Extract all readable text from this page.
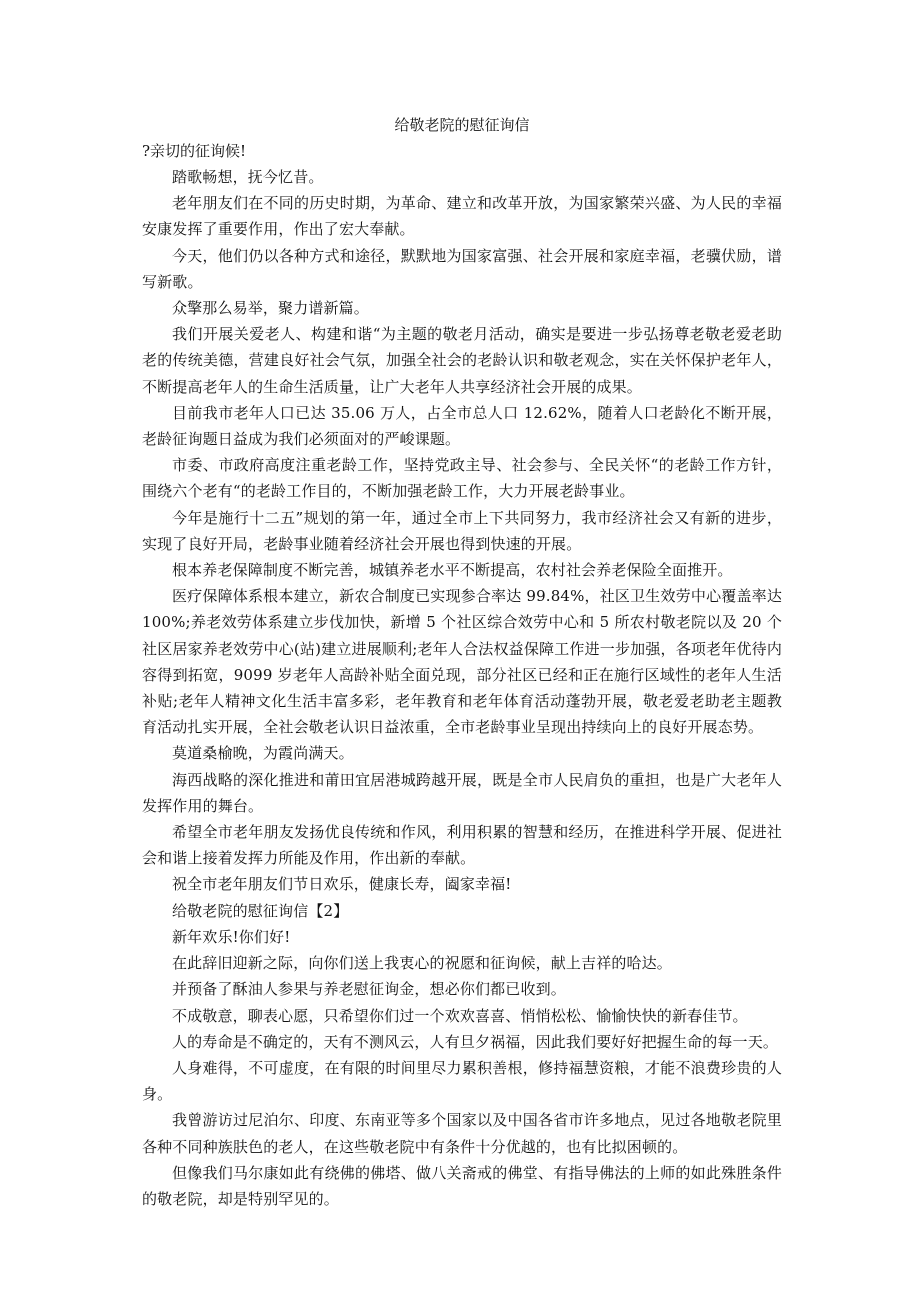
给敬老院的慰征询信

?亲切的征询候!

踏歌畅想，抚今忆昔。

老年朋友们在不同的历史时期，为革命、建立和改革开放，为国家繁荣兴盛、为人民的幸福安康发挥了重要作用，作出了宏大奉献。

今天，他们仍以各种方式和途径，默默地为国家富强、社会开展和家庭幸福，老骥伏励，谱写新歌。

众擎那么易举，聚力谱新篇。

我们开展关爱老人、构建和谐“为主题的敬老月活动，确实是要进一步弘扬尊老敬老爱老助老的传统美德，营建良好社会气氛，加强全社会的老龄认识和敬老观念，实在关怀保护老年人，不断提高老年人的生命生活质量，让广大老年人共享经济社会开展的成果。

目前我市老年人口已达 35.06 万人，占全市总人口 12.62%，随着人口老龄化不断开展，老龄征询题日益成为我们必须面对的严峻课题。

市委、市政府高度注重老龄工作，坚持党政主导、社会参与、全民关怀“的老龄工作方针，围绕六个老有“的老龄工作目的，不断加强老龄工作，大力开展老龄事业。

今年是施行十二五”规划的第一年，通过全市上下共同努力，我市经济社会又有新的进步，实现了良好开局，老龄事业随着经济社会开展也得到快速的开展。

根本养老保障制度不断完善，城镇养老水平不断提高，农村社会养老保险全面推开。

医疗保障体系根本建立，新农合制度已实现参合率达 99.84%，社区卫生效劳中心覆盖率达 100%;养老效劳体系建立步伐加快，新增 5 个社区综合效劳中心和 5 所农村敬老院以及 20 个社区居家养老效劳中心(站)建立进展顺利;老年人合法权益保障工作进一步加强，各项老年优待内容得到拓宽，9099 岁老年人高龄补贴全面兑现，部分社区已经和正在施行区域性的老年人生活补贴;老年人精神文化生活丰富多彩，老年教育和老年体育活动蓬勃开展，敬老爱老助老主题教育活动扎实开展，全社会敬老认识日益浓重，全市老龄事业呈现出持续向上的良好开展态势。

莫道桑榆晚，为霞尚满天。

海西战略的深化推进和莆田宜居港城跨越开展，既是全市人民肩负的重担，也是广大老年人发挥作用的舞台。

希望全市老年朋友发扬优良传统和作风，利用积累的智慧和经历，在推进科学开展、促进社会和谐上接着发挥力所能及作用，作出新的奉献。

祝全市老年朋友们节日欢乐，健康长寿，阖家幸福!

给敬老院的慰征询信【2】

新年欢乐!你们好!

在此辞旧迎新之际，向你们送上我衷心的祝愿和征询候，献上吉祥的哈达。

并预备了酥油人参果与养老慰征询金，想必你们都已收到。

不成敬意，聊表心愿，只希望你们过一个欢欢喜喜、悄悄松松、愉愉快快的新春佳节。

人的寿命是不确定的，天有不测风云，人有旦夕祸福，因此我们要好好把握生命的每一天。

人身难得，不可虚度，在有限的时间里尽力累积善根，修持福慧资粮，才能不浪费珍贵的人身。

我曾游访过尼泊尔、印度、东南亚等多个国家以及中国各省市许多地点，见过各地敬老院里各种不同种族肤色的老人，在这些敬老院中有条件十分优越的，也有比拟困顿的。

但像我们马尔康如此有绕佛的佛塔、做八关斋戒的佛堂、有指导佛法的上师的如此殊胜条件的敬老院，却是特别罕见的。
